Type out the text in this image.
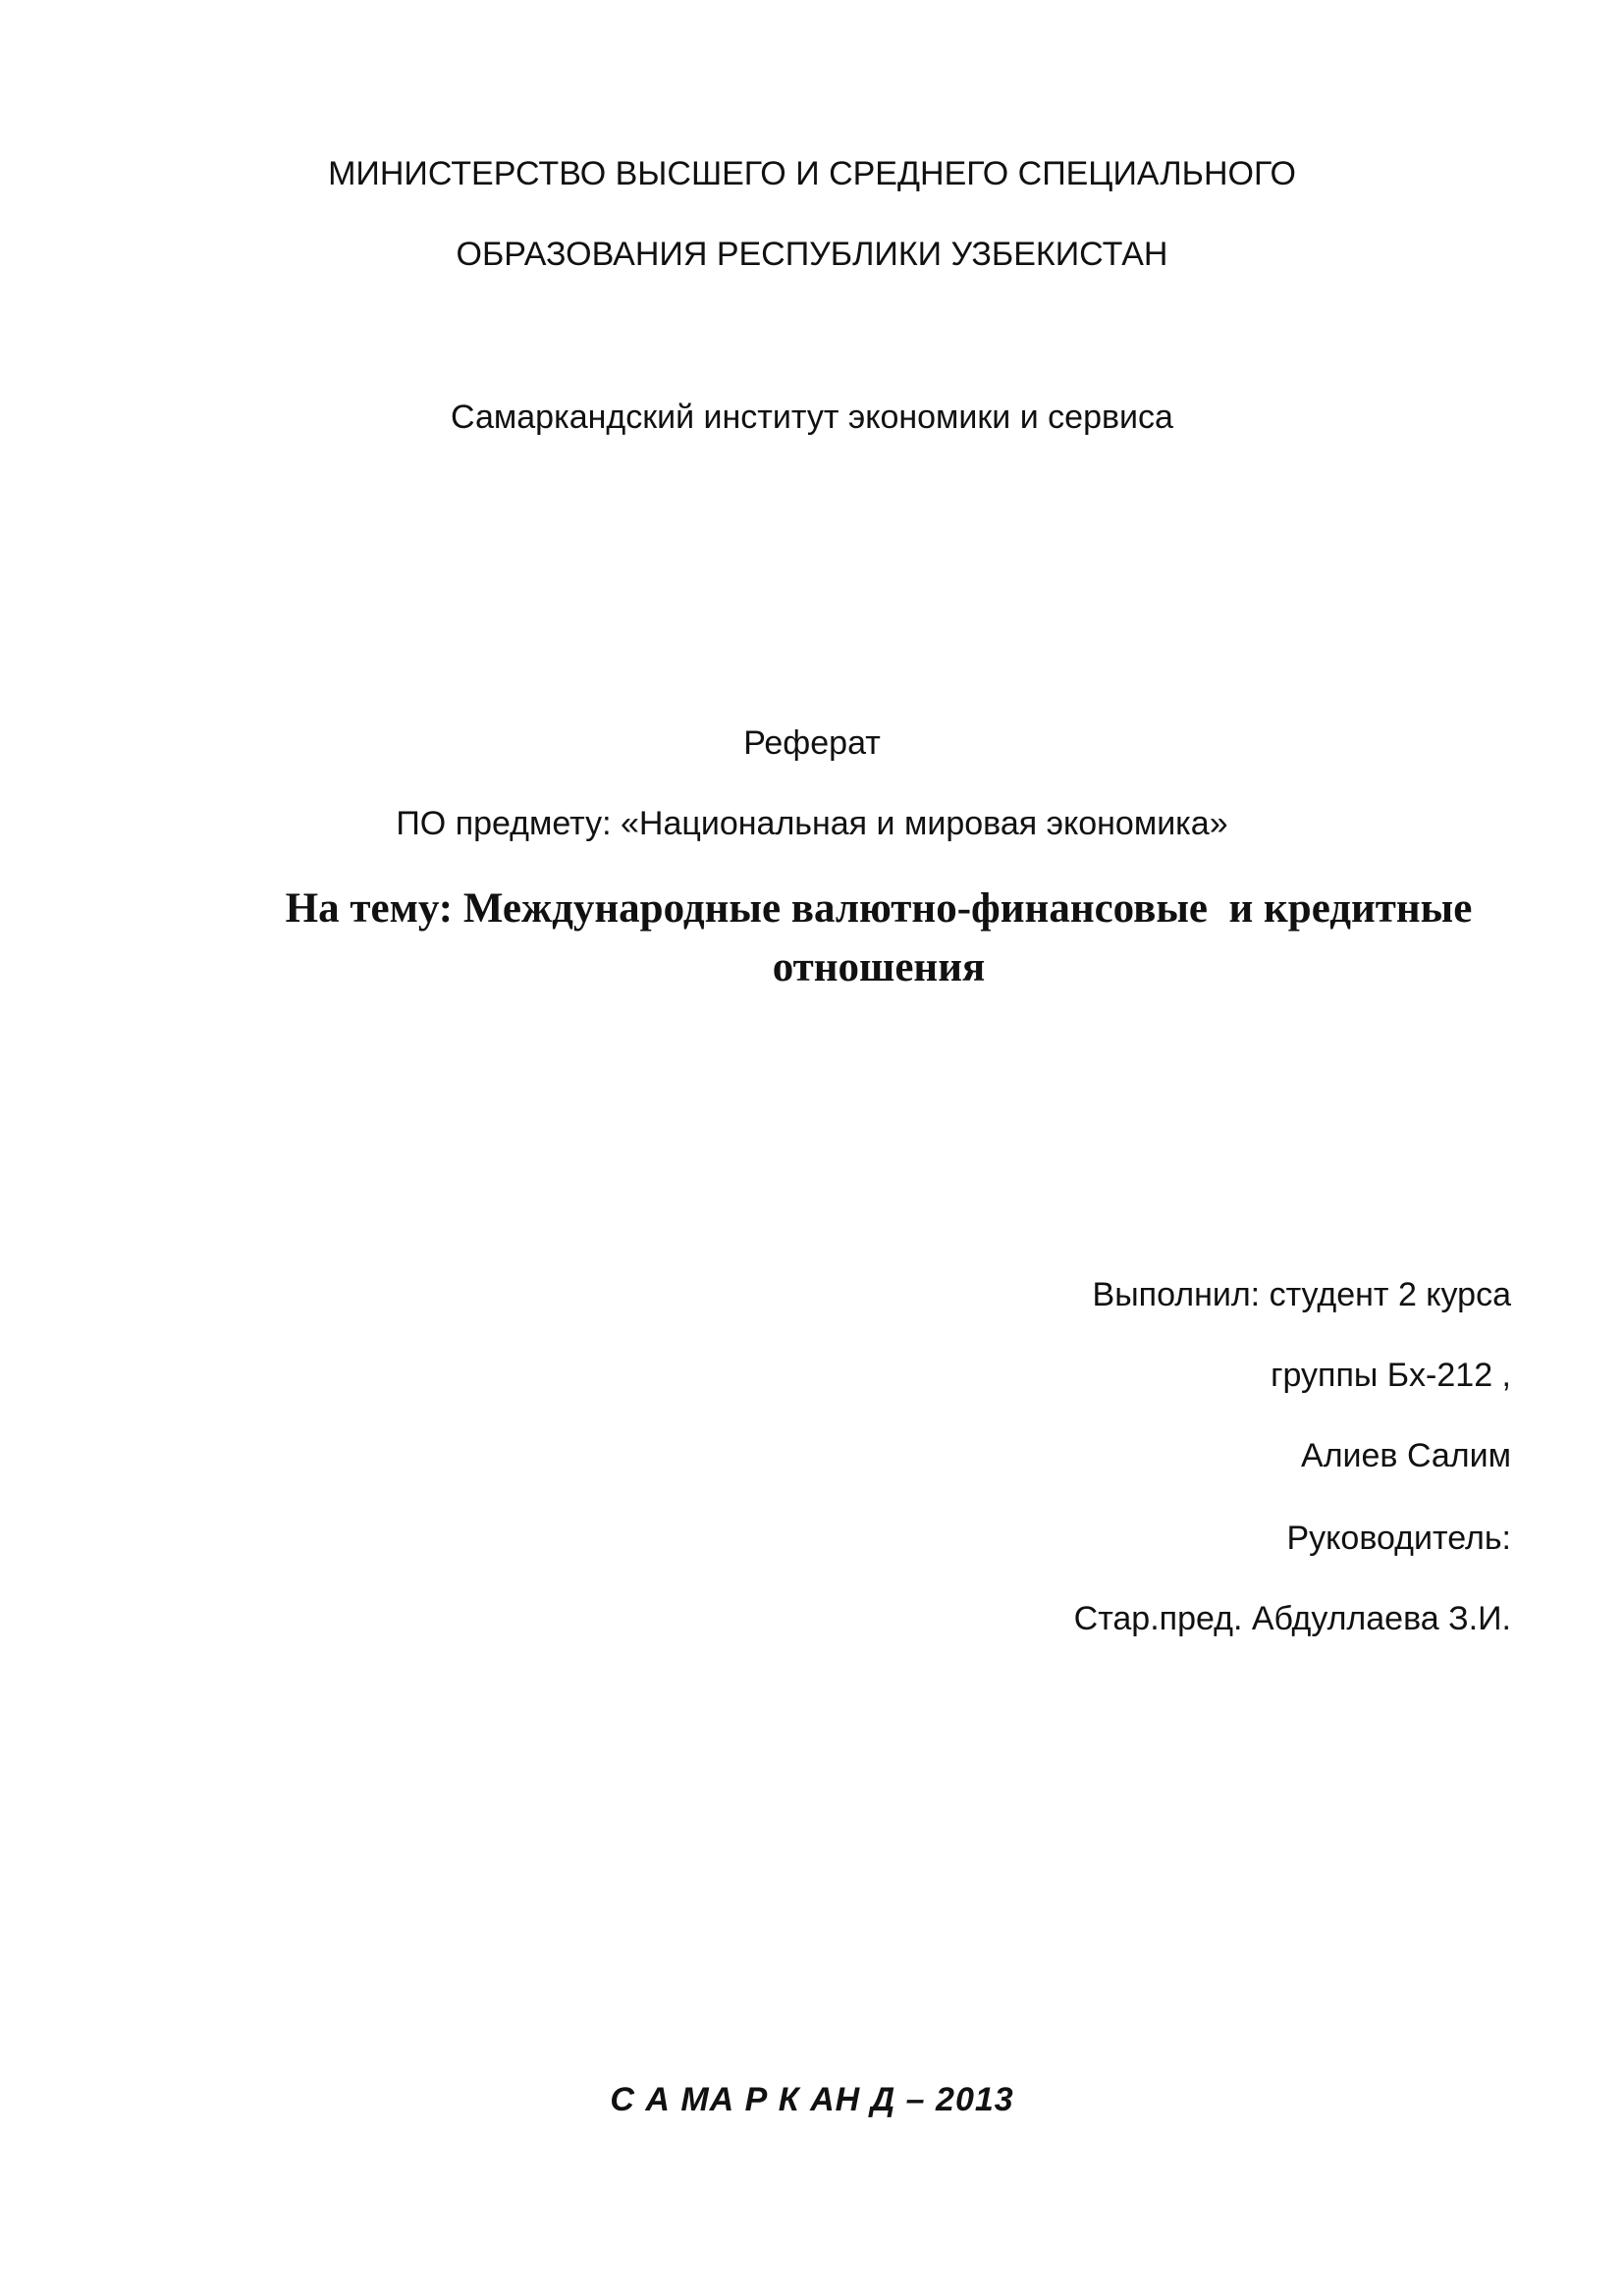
МИНИСТЕРСТВО ВЫСШЕГО И СРЕДНЕГО СПЕЦИАЛЬНОГО

ОБРАЗОВАНИЯ РЕСПУБЛИКИ УЗБЕКИСТАН

Самаркандский институт экономики и сервиса

Реферат

ПО предмету: «Национальная и мировая экономика»

На тему: Международные валютно-финансовые  и кредитные
отношения
Выполнил: студент 2 курса
группы Бх-212 ,
Алиев Салим
Руководитель:
Стар.пред. Абдуллаева З.И.

С А МА Р К АН Д – 2013
